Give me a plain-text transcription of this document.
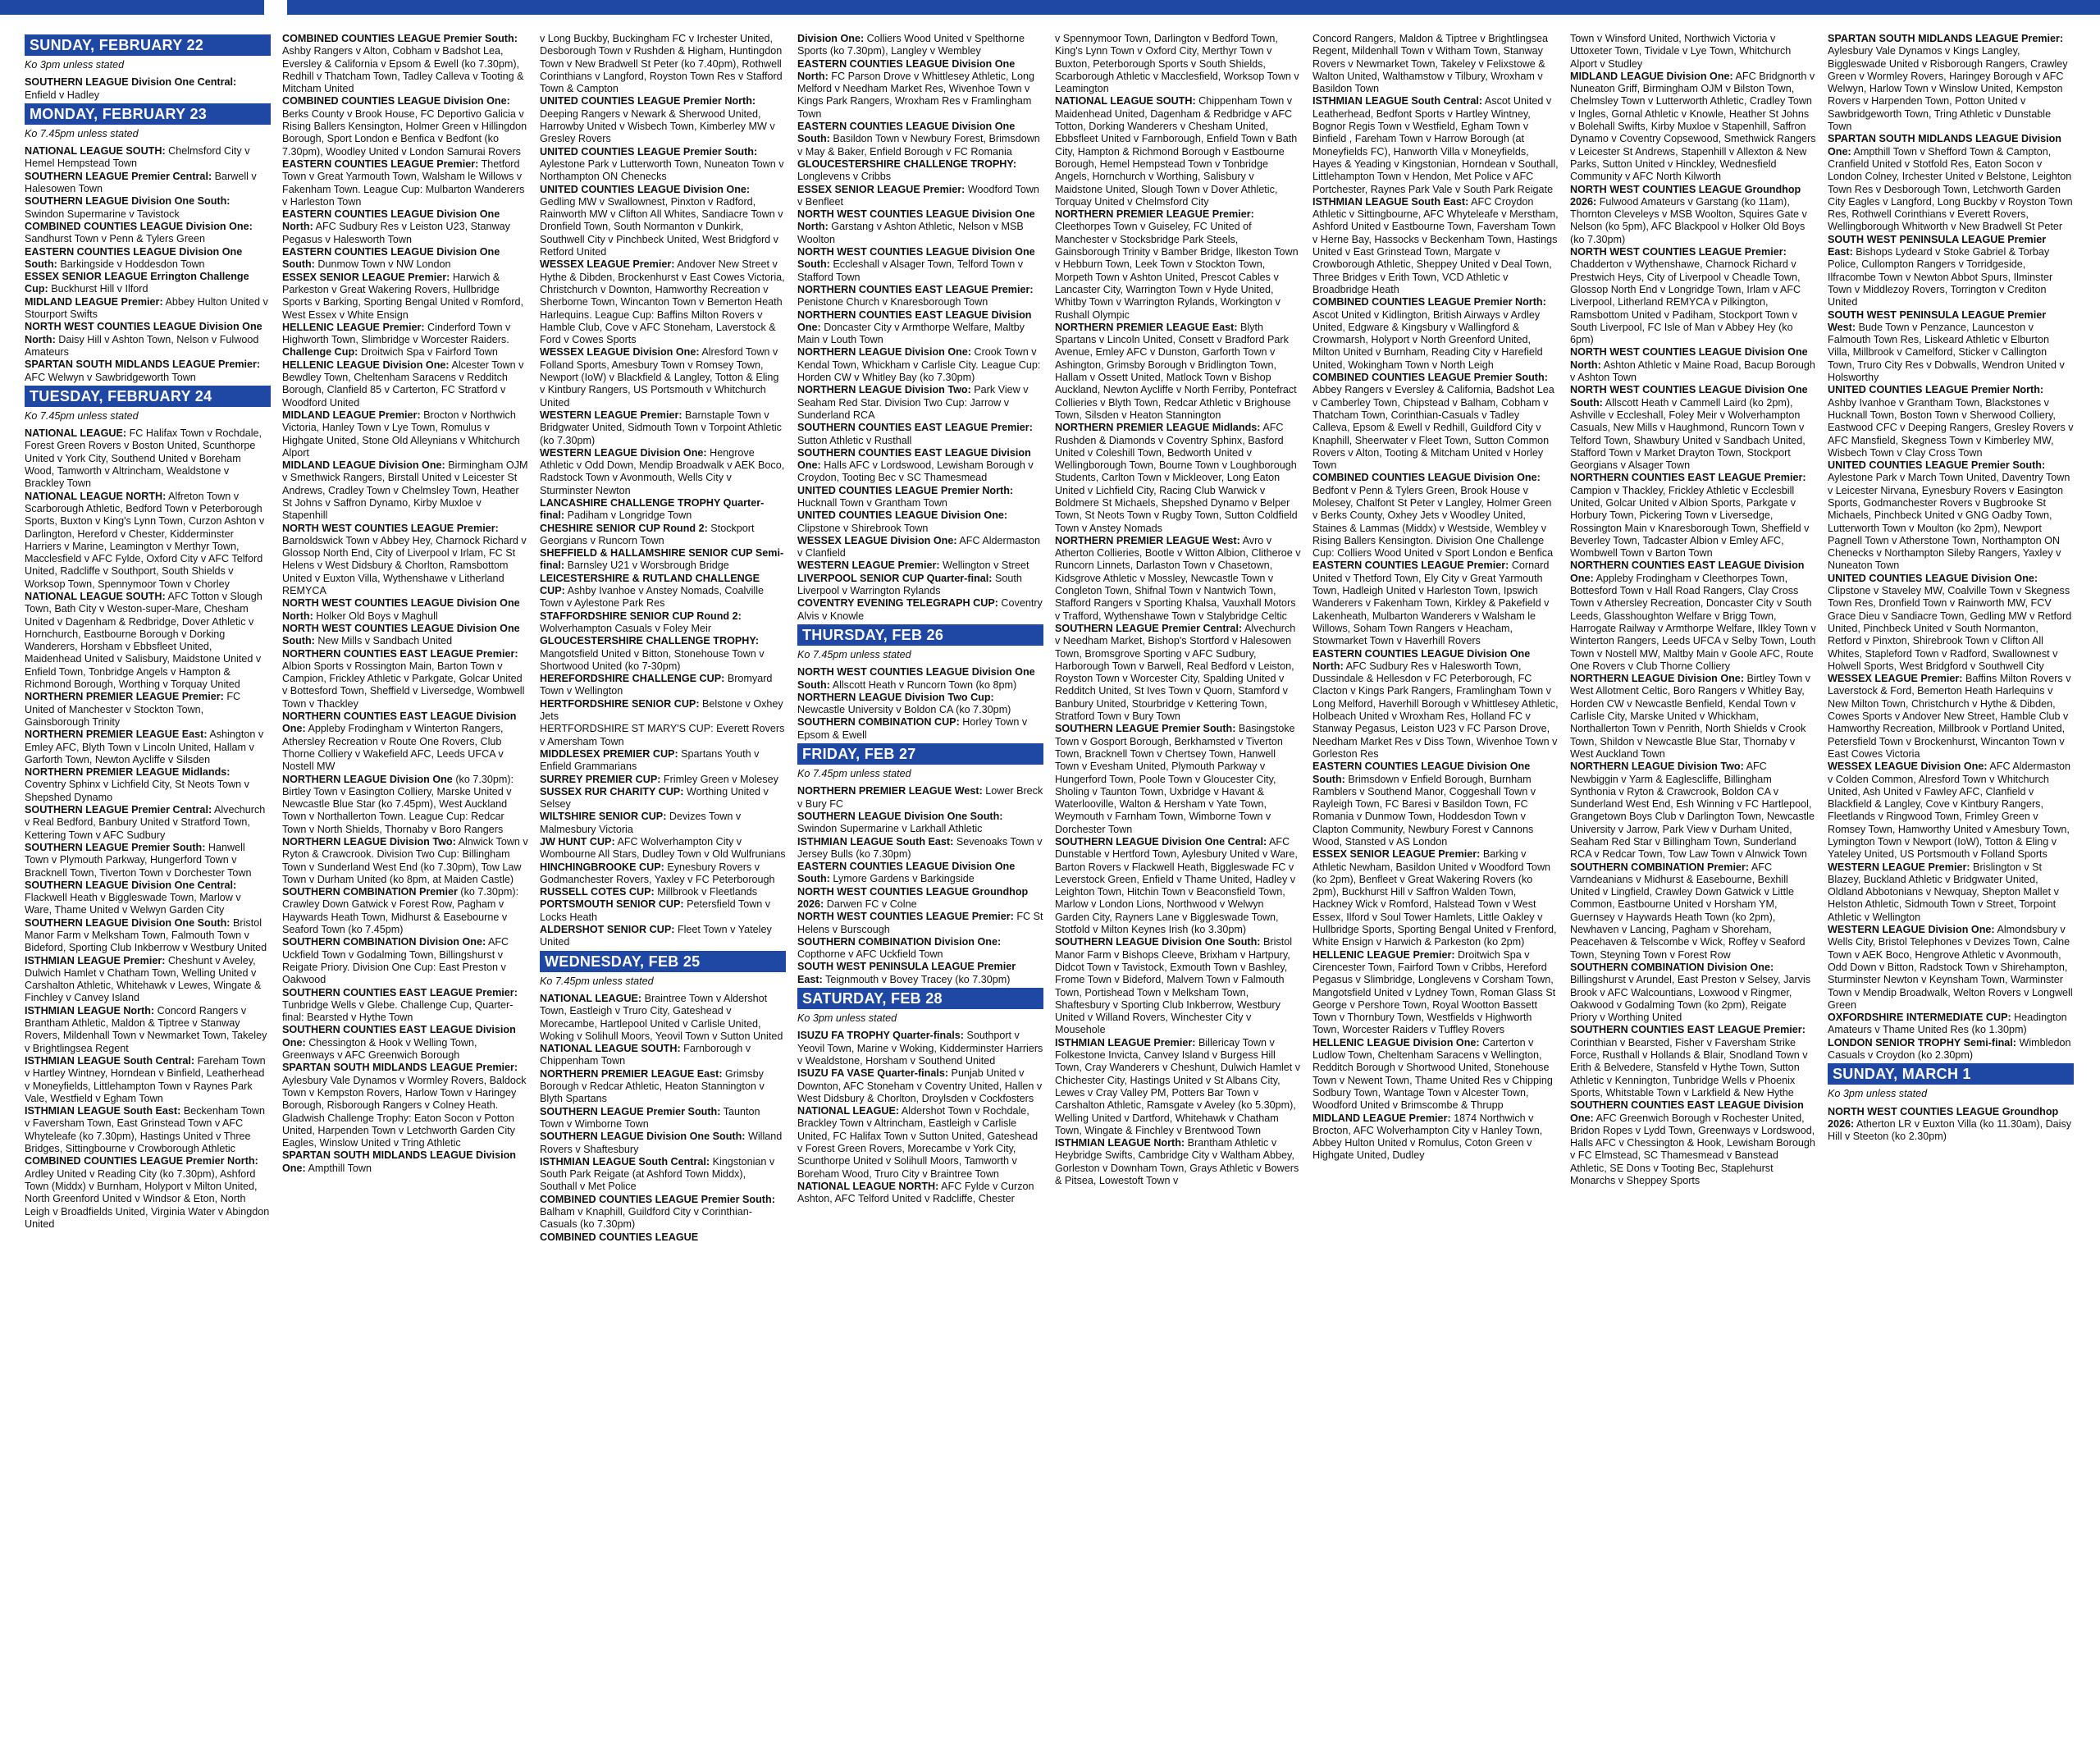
SUNDAY, FEBRUARY 22
Ko 3pm unless stated

SOUTHERN LEAGUE Division One Central: Enfield v Hadley

MONDAY, FEBRUARY 23
Ko 7.45pm unless stated

NATIONAL LEAGUE SOUTH: Chelmsford City v Hemel Hempstead Town

SOUTHERN LEAGUE Premier Central: Barwell v Halesowen Town

SOUTHERN LEAGUE Division One South: Swindon Supermarine v Tavistock

COMBINED COUNTIES LEAGUE Division One: Sandhurst Town v Penn & Tylers Green

EASTERN COUNTIES LEAGUE Division One South: Barkingside v Hoddesdon Town

ESSEX SENIOR LEAGUE Errington Challenge Cup: Buckhurst Hill v Ilford

MIDLAND LEAGUE Premier: Abbey Hulton United v Stourport Swifts

NORTH WEST COUNTIES LEAGUE Division One North: Daisy Hill v Ashton Town, Nelson v Fulwood Amateurs

SPARTAN SOUTH MIDLANDS LEAGUE Premier: AFC Welwyn v Sawbridgeworth Town

TUESDAY, FEBRUARY 24
Ko 7.45pm unless stated

NATIONAL LEAGUE: FC Halifax Town v Rochdale, Forest Green Rovers v Boston United, Scunthorpe United v York City, Southend United v Boreham Wood, Tamworth v Altrincham, Wealdstone v Brackley Town

NATIONAL LEAGUE NORTH: Alfreton Town v Scarborough Athletic, Bedford Town v Peterborough Sports, Buxton v King's Lynn Town, Curzon Ashton v Darlington, Hereford v Chester, Kidderminster Harriers v Marine, Leamington v Merthyr Town, Macclesfield v AFC Fylde, Oxford City v AFC Telford United, Radcliffe v Southport, South Shields v Worksop Town, Spennymoor Town v Chorley

NATIONAL LEAGUE SOUTH: AFC Totton v Slough Town, Bath City v Weston-super-Mare, Chesham United v Dagenham & Redbridge, Dover Athletic v Hornchurch, Eastbourne Borough v Dorking Wanderers, Horsham v Ebbsfleet United, Maidenhead United v Salisbury, Maidstone United v Enfield Town, Tonbridge Angels v Hampton & Richmond Borough, Worthing v Torquay United

NORTHERN PREMIER LEAGUE Premier: FC United of Manchester v Stockton Town, Gainsborough Trinity

NORTHERN PREMIER LEAGUE East: Ashington v Emley AFC, Blyth Town v Lincoln United, Hallam v Garforth Town, Newton Aycliffe v Silsden

NORTHERN PREMIER LEAGUE Midlands: Coventry Sphinx v Lichfield City, St Neots Town v Shepshed Dynamo

SOUTHERN LEAGUE Premier Central: Alvechurch v Real Bedford, Banbury United v Stratford Town, Kettering Town v AFC Sudbury

SOUTHERN LEAGUE Premier South: Hanwell Town v Plymouth Parkway, Hungerford Town v Bracknell Town, Tiverton Town v Dorchester Town

SOUTHERN LEAGUE Division One Central: Flackwell Heath v Biggleswade Town, Marlow v Ware, Thame United v Welwyn Garden City

SOUTHERN LEAGUE Division One South: Bristol Manor Farm v Melksham Town, Falmouth Town v Bideford, Sporting Club Inkberrow v Westbury United

ISTHMIAN LEAGUE Premier: Cheshunt v Aveley, Dulwich Hamlet v Chatham Town, Welling United v Carshalton Athletic, Whitehawk v Lewes, Wingate & Finchley v Canvey Island

ISTHMIAN LEAGUE North: Concord Rangers v Brantham Athletic, Maldon & Tiptree v Stanway Rovers, Mildenhall Town v Newmarket Town, Takeley v Brightlingsea Regent

ISTHMIAN LEAGUE South Central: Fareham Town v Hartley Wintney, Horndean v Binfield, Leatherhead v Moneyfields, Littlehampton Town v Raynes Park Vale, Westfield v Egham Town

ISTHMIAN LEAGUE South East: Beckenham Town v Faversham Town, East Grinstead Town v AFC Whyteleafe (ko 7.30pm), Hastings United v Three Bridges, Sittingbourne v Crowborough Athletic

COMBINED COUNTIES LEAGUE Premier North: Ardley United v Reading City (ko 7.30pm), Ashford Town (Middx) v Burnham, Holyport v Milton United, North Greenford United v Windsor & Eton, North Leigh v Broadfields United, Virginia Water v Abingdon United

COMBINED COUNTIES LEAGUE Premier South: Ashby Rangers v Alton, Cobham v Badshot Lea, Eversley & California v Epsom & Ewell (ko 7.30pm), Redhill v Thatcham Town, Tadley Calleva v Tooting & Mitcham United

COMBINED COUNTIES LEAGUE Division One: Berks County v Brook House, FC Deportivo Galicia v Rising Ballers Kensington, Holmer Green v Hillingdon Borough, Sport London e Benfica v Bedfont (ko 7.30pm), Woodley United v London Samurai Rovers

EASTERN COUNTIES LEAGUE Premier: Thetford Town v Great Yarmouth Town, Walsham le Willows v Fakenham Town. League Cup: Mulbarton Wanderers v Harleston Town

EASTERN COUNTIES LEAGUE Division One North: AFC Sudbury Res v Leiston U23, Stanway Pegasus v Halesworth Town

EASTERN COUNTIES LEAGUE Division One South: Dunmow Town v NW London

ESSEX SENIOR LEAGUE Premier: Harwich & Parkeston v Great Wakering Rovers, Hullbridge Sports v Barking, Sporting Bengal United v Romford, West Essex v White Ensign

HELLENIC LEAGUE Premier: Cinderford Town v Highworth Town, Slimbridge v Worcester Raiders.

Challenge Cup: Droitwich Spa v Fairford Town

HELLENIC LEAGUE Division One: Alcester Town v Bewdley Town, Cheltenham Saracens v Redditch Borough, Clanfield 85 v Carterton, FC Stratford v Woodford United

MIDLAND LEAGUE Premier: Brocton v Northwich Victoria, Hanley Town v Lye Town, Romulus v Highgate United, Stone Old Alleynians v Whitchurch Alport

MIDLAND LEAGUE Division One: Birmingham OJM v Smethwick Rangers, Birstall United v Leicester St Andrews, Cradley Town v Chelmsley Town, Heather St Johns v Saffron Dynamo, Kirby Muxloe v Stapenhill

NORTH WEST COUNTIES LEAGUE Premier: Barnoldswick Town v Abbey Hey, Charnock Richard v Glossop North End, City of Liverpool v Irlam, FC St Helens v West Didsbury & Chorlton, Ramsbottom United v Euxton Villa, Wythenshawe v Litherland REMYCA

NORTH WEST COUNTIES LEAGUE Division One North: Holker Old Boys v Maghull

NORTH WEST COUNTIES LEAGUE Division One South: New Mills v Sandbach United

NORTHERN COUNTIES EAST LEAGUE Premier: Albion Sports v Rossington Main, Barton Town v Campion, Frickley Athletic v Parkgate, Golcar United v Bottesford Town, Sheffield v Liversedge, Wombwell Town v Thackley

NORTHERN COUNTIES EAST LEAGUE Division One: Appleby Frodingham v Winterton Rangers, Athersley Recreation v Route One Rovers, Club Thorne Colliery v Wakefield AFC, Leeds UFCA v Nostell MW

NORTHERN LEAGUE Division One (ko 7.30pm): Birtley Town v Easington Colliery, Marske United v Newcastle Blue Star (ko 7.45pm), West Auckland Town v Northallerton Town. League Cup: Redcar Town v North Shields, Thornaby v Boro Rangers

NORTHERN LEAGUE Division Two: Alnwick Town v Ryton & Crawcrook. Division Two Cup: Billingham Town v Sunderland West End (ko 7.30pm), Tow Law Town v Durham United (ko 8pm, at Maiden Castle)

SOUTHERN COMBINATION Premier (ko 7.30pm): Crawley Down Gatwick v Forest Row, Pagham v Haywards Heath Town, Midhurst & Easebourne v Seaford Town (ko 7.45pm)

SOUTHERN COMBINATION Division One: AFC Uckfield Town v Godalming Town, Billingshurst v Reigate Priory. Division One Cup: East Preston v Oakwood

SOUTHERN COUNTIES EAST LEAGUE Premier: Tunbridge Wells v Glebe. Challenge Cup, Quarter-final: Bearsted v Hythe Town

SOUTHERN COUNTIES EAST LEAGUE Division One: Chessington & Hook v Welling Town, Greenways v AFC Greenwich Borough

SPARTAN SOUTH MIDLANDS LEAGUE Premier: Aylesbury Vale Dynamos v Wormley Rovers, Baldock Town v Kempston Rovers, Harlow Town v Haringey Borough, Risborough Rangers v Colney Heath. Gladwish Challenge Trophy: Eaton Socon v Potton United, Harpenden Town v Letchworth Garden City Eagles, Winslow United v Tring Athletic

SPARTAN SOUTH MIDLANDS LEAGUE Division One: Ampthill Town

v Long Buckby, Buckingham FC v Irchester United, Desborough Town v Rushden & Higham, Huntingdon Town v New Bradwell St Peter (ko 7.40pm), Rothwell Corinthians v Langford, Royston Town Res v Stafford Town & Campton

UNITED COUNTIES LEAGUE Premier North: Deeping Rangers v Newark & Sherwood United, Harrowby United v Wisbech Town, Kimberley MW v Gresley Rovers

UNITED COUNTIES LEAGUE Premier South: Aylestone Park v Lutterworth Town, Nuneaton Town v Northampton ON Chenecks

UNITED COUNTIES LEAGUE Division One: Gedling MW v Swallownest, Pinxton v Radford, Rainworth MW v Clifton All Whites, Sandiacre Town v Dronfield Town, South Normanton v Dunkirk, Southwell City v Pinchbeck United, West Bridgford v Retford United

WESSEX LEAGUE Premier: Andover New Street v Hythe & Dibden, Brockenhurst v East Cowes Victoria, Christchurch v Downton, Hamworthy Recreation v Sherborne Town, Wincanton Town v Bemerton Heath Harlequins. League Cup: Baffins Milton Rovers v Hamble Club, Cove v AFC Stoneham, Laverstock & Ford v Cowes Sports

WESSEX LEAGUE Division One: Alresford Town v Folland Sports, Amesbury Town v Romsey Town, Newport (IoW) v Blackfield & Langley, Totton & Eling v Kintbury Rangers, US Portsmouth v Whitchurch United

WESTERN LEAGUE Premier: Barnstaple Town v Bridgwater United, Sidmouth Town v Torpoint Athletic (ko 7.30pm)

WESTERN LEAGUE Division One: Hengrove Athletic v Odd Down, Mendip Broadwalk v AEK Boco, Radstock Town v Avonmouth, Wells City v Sturminster Newton

LANCASHIRE CHALLENGE TROPHY Quarter-final: Padiham v Longridge Town

CHESHIRE SENIOR CUP Round 2: Stockport Georgians v Runcorn Town

SHEFFIELD & HALLAMSHIRE SENIOR CUP Semi-final: Barnsley U21 v Worsbrough Bridge

LEICESTERSHIRE & RUTLAND CHALLENGE CUP: Ashby Ivanhoe v Anstey Nomads, Coalville Town v Aylestone Park Res

STAFFORDSHIRE SENIOR CUP Round 2: Wolverhampton Casuals v Foley Meir

GLOUCESTERSHIRE CHALLENGE TROPHY: Mangotsfield United v Bitton, Stonehouse Town v Shortwood United (ko 7-30pm)

HEREFORDSHIRE CHALLENGE CUP: Bromyard Town v Wellington

HERTFORDSHIRE SENIOR CUP: Belstone v Oxhey Jets

HERTFORDSHIRE ST MARY'S CUP: Everett Rovers v Amersham Town

MIDDLESEX PREMIER CUP: Spartans Youth v Enfield Grammarians

SURREY PREMIER CUP: Frimley Green v Molesey

SUSSEX RUR CHARITY CUP: Worthing United v Selsey

WILTSHIRE SENIOR CUP: Devizes Town v Malmesbury Victoria

JW HUNT CUP: AFC Wolverhampton City v Wombourne All Stars, Dudley Town v Old Wulfrunians

HINCHINGBROOKE CUP: Eynesbury Rovers v Godmanchester Rovers, Yaxley v FC Peterborough

RUSSELL COTES CUP: Millbrook v Fleetlands

PORTSMOUTH SENIOR CUP: Petersfield Town v Locks Heath

ALDERSHOT SENIOR CUP: Fleet Town v Yateley United

WEDNESDAY, FEB 25
Ko 7.45pm unless stated

NATIONAL LEAGUE: Braintree Town v Aldershot Town, Eastleigh v Truro City, Gateshead v Morecambe, Hartlepool United v Carlisle United, Woking v Solihull Moors, Yeovil Town v Sutton United

NATIONAL LEAGUE SOUTH: Farnborough v Chippenham Town

NORTHERN PREMIER LEAGUE East: Grimsby Borough v Redcar Athletic, Heaton Stannington v Blyth Spartans

SOUTHERN LEAGUE Premier South: Taunton Town v Wimborne Town

SOUTHERN LEAGUE Division One South: Willand Rovers v Shaftesbury

ISTHMIAN LEAGUE South Central: Kingstonian v South Park Reigate (at Ashford Town Middx), Southall v Met Police

COMBINED COUNTIES LEAGUE Premier South: Balham v Knaphill, Guildford City v Corinthian-Casuals (ko 7.30pm)

COMBINED COUNTIES LEAGUE

Division One: Colliers Wood United v Spelthorne Sports (ko 7.30pm), Langley v Wembley

EASTERN COUNTIES LEAGUE Division One North: FC Parson Drove v Whittlesey Athletic, Long Melford v Needham Market Res, Wivenhoe Town v Kings Park Rangers, Wroxham Res v Framlingham Town

EASTERN COUNTIES LEAGUE Division One South: Basildon Town v Newbury Forest, Brimsdown v May & Baker, Enfield Borough v FC Romania

GLOUCESTERSHIRE CHALLENGE TROPHY: Longlevens v Cribbs

ESSEX SENIOR LEAGUE Premier: Woodford Town v Benfleet

NORTH WEST COUNTIES LEAGUE Division One North: Garstang v Ashton Athletic, Nelson v MSB Woolton

NORTH WEST COUNTIES LEAGUE Division One South: Eccleshall v Alsager Town, Telford Town v Stafford Town

NORTHERN COUNTIES EAST LEAGUE Premier: Penistone Church v Knaresborough Town

NORTHERN COUNTIES EAST LEAGUE Division One: Doncaster City v Armthorpe Welfare, Maltby Main v Louth Town

NORTHERN LEAGUE Division One: Crook Town v Kendal Town, Whickham v Carlisle City. League Cup: Horden CW v Whitley Bay (ko 7.30pm)

NORTHERN LEAGUE Division Two: Park View v Seaham Red Star. Division Two Cup: Jarrow v Sunderland RCA

SOUTHERN COUNTIES EAST LEAGUE Premier: Sutton Athletic v Rusthall

SOUTHERN COUNTIES EAST LEAGUE Division One: Halls AFC v Lordswood, Lewisham Borough v Croydon, Tooting Bec v SC Thamesmead

UNITED COUNTIES LEAGUE Premier North: Hucknall Town v Grantham Town

UNITED COUNTIES LEAGUE Division One: Clipstone v Shirebrook Town

WESSEX LEAGUE Division One: AFC Aldermaston v Clanfield

WESTERN LEAGUE Premier: Wellington v Street

LIVERPOOL SENIOR CUP Quarter-final: South Liverpool v Warrington Rylands

COVENTRY EVENING TELEGRAPH CUP: Coventry Alvis v Knowle

THURSDAY, FEB 26
Ko 7.45pm unless stated

NORTH WEST COUNTIES LEAGUE Division One South: Allscott Heath v Runcorn Town (ko 8pm)

NORTHERN LEAGUE Division Two Cup: Newcastle University v Boldon CA (ko 7.30pm)

SOUTHERN COMBINATION CUP: Horley Town v Epsom & Ewell

FRIDAY, FEB 27
Ko 7.45pm unless stated

NORTHERN PREMIER LEAGUE West: Lower Breck v Bury FC

SOUTHERN LEAGUE Division One South: Swindon Supermarine v Larkhall Athletic

ISTHMIAN LEAGUE South East: Sevenoaks Town v Jersey Bulls (ko 7.30pm)

EASTERN COUNTIES LEAGUE Division One South: Lymore Gardens v Barkingside

NORTH WEST COUNTIES LEAGUE Groundhop 2026: Darwen FC v Colne

NORTH WEST COUNTIES LEAGUE Premier: FC St Helens v Burscough

SOUTHERN COMBINATION Division One: Copthorne v AFC Uckfield Town

SOUTH WEST PENINSULA LEAGUE Premier East: Teignmouth v Bovey Tracey (ko 7.30pm)

SATURDAY, FEB 28
Ko 3pm unless stated

ISUZU FA TROPHY Quarter-finals: Southport v Yeovil Town, Marine v Woking, Kidderminster Harriers v Wealdstone, Horsham v Southend United

ISUZU FA VASE Quarter-finals: Punjab United v Downton, AFC Stoneham v Coventry United, Hallen v West Didsbury & Chorlton, Droylsden v Cockfosters

NATIONAL LEAGUE: Aldershot Town v Rochdale, Brackley Town v Altrincham, Eastleigh v Carlisle United, FC Halifax Town v Sutton United, Gateshead v Forest Green Rovers, Morecambe v York City, Scunthorpe United v Solihull Moors, Tamworth v Boreham Wood, Truro City v Braintree Town

NATIONAL LEAGUE NORTH: AFC Fylde v Curzon Ashton, AFC Telford United v Radcliffe, Chester

v Spennymoor Town, Darlington v Bedford Town, King's Lynn Town v Oxford City, Merthyr Town v Buxton, Peterborough Sports v South Shields, Scarborough Athletic v Macclesfield, Worksop Town v Leamington

NATIONAL LEAGUE SOUTH: Chippenham Town v Maidenhead United, Dagenham & Redbridge v AFC Totton, Dorking Wanderers v Chesham United, Ebbsfleet United v Farnborough, Enfield Town v Bath City, Hampton & Richmond Borough v Eastbourne Borough, Hemel Hempstead Town v Tonbridge Angels, Hornchurch v Worthing, Salisbury v Maidstone United, Slough Town v Dover Athletic, Torquay United v Chelmsford City

NORTHERN PREMIER LEAGUE Premier: Cleethorpes Town v Guiseley, FC United of Manchester v Stocksbridge Park Steels, Gainsborough Trinity v Bamber Bridge, Ilkeston Town v Hebburn Town, Leek Town v Stockton Town, Morpeth Town v Ashton United, Prescot Cables v Lancaster City, Warrington Town v Hyde United, Whitby Town v Warrington Rylands, Workington v Rushall Olympic

NORTHERN PREMIER LEAGUE East: Blyth Spartans v Lincoln United, Consett v Bradford Park Avenue, Emley AFC v Dunston, Garforth Town v Ashington, Grimsby Borough v Bridlington Town, Hallam v Ossett United, Matlock Town v Bishop Auckland, Newton Aycliffe v North Ferriby, Pontefract Collieries v Blyth Town, Redcar Athletic v Brighouse Town, Silsden v Heaton Stannington

NORTHERN PREMIER LEAGUE Midlands: AFC Rushden & Diamonds v Coventry Sphinx, Basford United v Coleshill Town, Bedworth United v Wellingborough Town, Bourne Town v Loughborough Students, Carlton Town v Mickleover, Long Eaton United v Lichfield City, Racing Club Warwick v Boldmere St Michaels, Shepshed Dynamo v Belper Town, St Neots Town v Rugby Town, Sutton Coldfield Town v Anstey Nomads

NORTHERN PREMIER LEAGUE West: Avro v Atherton Collieries, Bootle v Witton Albion, Clitheroe v Runcorn Linnets, Darlaston Town v Chasetown, Kidsgrove Athletic v Mossley, Newcastle Town v Congleton Town, Shifnal Town v Nantwich Town, Stafford Rangers v Sporting Khalsa, Vauxhall Motors v Trafford, Wythenshawe Town v Stalybridge Celtic

SOUTHERN LEAGUE Premier Central: Alvechurch v Needham Market, Bishop's Stortford v Halesowen Town, Bromsgrove Sporting v AFC Sudbury, Harborough Town v Barwell, Real Bedford v Leiston, Royston Town v Worcester City, Spalding United v Redditch United, St Ives Town v Quorn, Stamford v Banbury United, Stourbridge v Kettering Town, Stratford Town v Bury Town

SOUTHERN LEAGUE Premier South: Basingstoke Town v Gosport Borough, Berkhamsted v Tiverton Town, Bracknell Town v Chertsey Town, Hanwell Town v Evesham United, Plymouth Parkway v Hungerford Town, Poole Town v Gloucester City, Sholing v Taunton Town, Uxbridge v Havant & Waterlooville, Walton & Hersham v Yate Town, Weymouth v Farnham Town, Wimborne Town v Dorchester Town

SOUTHERN LEAGUE Division One Central: AFC Dunstable v Hertford Town, Aylesbury United v Ware, Barton Rovers v Flackwell Heath, Biggleswade FC v Leverstock Green, Enfield v Thame United, Hadley v Leighton Town, Hitchin Town v Beaconsfield Town, Marlow v London Lions, Northwood v Welwyn Garden City, Rayners Lane v Biggleswade Town, Stotfold v Milton Keynes Irish (ko 3.30pm)

SOUTHERN LEAGUE Division One South: Bristol Manor Farm v Bishops Cleeve, Brixham v Hartpury, Didcot Town v Tavistock, Exmouth Town v Bashley, Frome Town v Bideford, Malvern Town v Falmouth Town, Portishead Town v Melksham Town, Shaftesbury v Sporting Club Inkberrow, Westbury United v Willand Rovers, Winchester City v Mousehole

ISTHMIAN LEAGUE Premier: Billericay Town v Folkestone Invicta, Canvey Island v Burgess Hill Town, Cray Wanderers v Cheshunt, Dulwich Hamlet v Chichester City, Hastings United v St Albans City, Lewes v Cray Valley PM, Potters Bar Town v Carshalton Athletic, Ramsgate v Aveley (ko 5.30pm), Welling United v Dartford, Whitehawk v Chatham Town, Wingate & Finchley v Brentwood Town

ISTHMIAN LEAGUE North: Brantham Athletic v Heybridge Swifts, Cambridge City v Waltham Abbey, Gorleston v Downham Town, Grays Athletic v Bowers & Pitsea, Lowestoft Town v

Concord Rangers, Maldon & Tiptree v Brightlingsea Regent, Mildenhall Town v Witham Town, Stanway Rovers v Newmarket Town, Takeley v Felixstowe & Walton United, Walthamstow v Tilbury, Wroxham v Basildon Town

ISTHMIAN LEAGUE South Central: Ascot United v Leatherhead, Bedfont Sports v Hartley Wintney, Bognor Regis Town v Westfield, Egham Town v Binfield , Fareham Town v Harrow Borough (at Moneyfields FC), Hanworth Villa v Moneyfields, Hayes & Yeading v Kingstonian, Horndean v Southall, Littlehampton Town v Hendon, Met Police v AFC Portchester, Raynes Park Vale v South Park Reigate

ISTHMIAN LEAGUE South East: AFC Croydon Athletic v Sittingbourne, AFC Whyteleafe v Merstham, Ashford United v Eastbourne Town, Faversham Town v Herne Bay, Hassocks v Beckenham Town, Hastings United v East Grinstead Town, Margate v Crowborough Athletic, Sheppey United v Deal Town, Three Bridges v Erith Town, VCD Athletic v Broadbridge Heath

COMBINED COUNTIES LEAGUE Premier North: Ascot United v Kidlington, British Airways v Ardley United, Edgware & Kingsbury v Wallingford & Crowmarsh, Holyport v North Greenford United, Milton United v Burnham, Reading City v Harefield United, Wokingham Town v North Leigh

COMBINED COUNTIES LEAGUE Premier South: Abbey Rangers v Eversley & California, Badshot Lea v Camberley Town, Chipstead v Balham, Cobham v Thatcham Town, Corinthian-Casuals v Tadley Calleva, Epsom & Ewell v Redhill, Guildford City v Knaphill, Sheerwater v Fleet Town, Sutton Common Rovers v Alton, Tooting & Mitcham United v Horley Town

COMBINED COUNTIES LEAGUE Division One: Bedfont v Penn & Tylers Green, Brook House v Molesey, Chalfont St Peter v Langley, Holmer Green v Berks County, Oxhey Jets v Woodley United, Staines & Lammas (Middx) v Westside, Wembley v Rising Ballers Kensington. Division One Challenge Cup: Colliers Wood United v Sport London e Benfica

EASTERN COUNTIES LEAGUE Premier: Cornard United v Thetford Town, Ely City v Great Yarmouth Town, Hadleigh United v Harleston Town, Ipswich Wanderers v Fakenham Town, Kirkley & Pakefield v Lakenheath, Mulbarton Wanderers v Walsham le Willows, Soham Town Rangers v Heacham, Stowmarket Town v Haverhill Rovers

EASTERN COUNTIES LEAGUE Division One North: AFC Sudbury Res v Halesworth Town, Dussindale & Hellesdon v FC Peterborough, FC Clacton v Kings Park Rangers, Framlingham Town v Long Melford, Haverhill Borough v Whittlesey Athletic, Holbeach United v Wroxham Res, Holland FC v Stanway Pegasus, Leiston U23 v FC Parson Drove, Needham Market Res v Diss Town, Wivenhoe Town v Gorleston Res

EASTERN COUNTIES LEAGUE Division One South: Brimsdown v Enfield Borough, Burnham Ramblers v Southend Manor, Coggeshall Town v Rayleigh Town, FC Baresi v Basildon Town, FC Romania v Dunmow Town, Hoddesdon Town v Clapton Community, Newbury Forest v Cannons Wood, Stansted v AS London

ESSEX SENIOR LEAGUE Premier: Barking v Athletic Newham, Basildon United v Woodford Town (ko 2pm), Benfleet v Great Wakering Rovers (ko 2pm), Buckhurst Hill v Saffron Walden Town, Hackney Wick v Romford, Halstead Town v West Essex, Ilford v Soul Tower Hamlets, Little Oakley v Hullbridge Sports, Sporting Bengal United v Frenford, White Ensign v Harwich & Parkeston (ko 2pm)

HELLENIC LEAGUE Premier: Droitwich Spa v Cirencester Town, Fairford Town v Cribbs, Hereford Pegasus v Slimbridge, Longlevens v Corsham Town, Mangotsfield United v Lydney Town, Roman Glass St George v Pershore Town, Royal Wootton Bassett Town v Thornbury Town, Westfields v Highworth Town, Worcester Raiders v Tuffley Rovers

HELLENIC LEAGUE Division One: Carterton v Ludlow Town, Cheltenham Saracens v Wellington, Redditch Borough v Shortwood United, Stonehouse Town v Newent Town, Thame United Res v Chipping Sodbury Town, Wantage Town v Alcester Town, Woodford United v Brimscombe & Thrupp

MIDLAND LEAGUE Premier: 1874 Northwich v Brocton, AFC Wolverhampton City v Hanley Town, Abbey Hulton United v Romulus, Coton Green v Highgate United, Dudley

Town v Winsford United, Northwich Victoria v Uttoxeter Town, Tividale v Lye Town, Whitchurch Alport v Studley

MIDLAND LEAGUE Division One: AFC Bridgnorth v Nuneaton Griff, Birmingham OJM v Bilston Town, Chelmsley Town v Lutterworth Athletic, Cradley Town v Ingles, Gornal Athletic v Knowle, Heather St Johns v Bolehall Swifts, Kirby Muxloe v Stapenhill, Saffron Dynamo v Coventry Copsewood, Smethwick Rangers v Leicester St Andrews, Stapenhill v Allexton & New Parks, Sutton United v Hinckley, Wednesfield Community v AFC North Kilworth

NORTH WEST COUNTIES LEAGUE Groundhop 2026: Fulwood Amateurs v Garstang (ko 11am), Thornton Cleveleys v MSB Woolton, Squires Gate v Nelson (ko 5pm), AFC Blackpool v Holker Old Boys (ko 7.30pm)

NORTH WEST COUNTIES LEAGUE Premier: Chadderton v Wythenshawe, Charnock Richard v Prestwich Heys, City of Liverpool v Cheadle Town, Glossop North End v Longridge Town, Irlam v AFC Liverpool, Litherland REMYCA v Pilkington, Ramsbottom United v Padiham, Stockport Town v South Liverpool, FC Isle of Man v Abbey Hey (ko 6pm)

NORTH WEST COUNTIES LEAGUE Division One North: Ashton Athletic v Maine Road, Bacup Borough v Ashton Town

NORTH WEST COUNTIES LEAGUE Division One South: Allscott Heath v Cammell Laird (ko 2pm), Ashville v Eccleshall, Foley Meir v Wolverhampton Casuals, New Mills v Haughmond, Runcorn Town v Telford Town, Shawbury United v Sandbach United, Stafford Town v Market Drayton Town, Stockport Georgians v Alsager Town

NORTHERN COUNTIES EAST LEAGUE Premier: Campion v Thackley, Frickley Athletic v Ecclesbill United, Golcar United v Albion Sports, Parkgate v Horbury Town, Pickering Town v Liversedge, Rossington Main v Knaresborough Town, Sheffield v Beverley Town, Tadcaster Albion v Emley AFC, Wombwell Town v Barton Town

NORTHERN COUNTIES EAST LEAGUE Division One: Appleby Frodingham v Cleethorpes Town, Bottesford Town v Hall Road Rangers, Clay Cross Town v Athersley Recreation, Doncaster City v South Leeds, Glasshoughton Welfare v Brigg Town, Harrogate Railway v Armthorpe Welfare, Ilkley Town v Winterton Rangers, Leeds UFCA v Selby Town, Louth Town v Nostell MW, Maltby Main v Goole AFC, Route One Rovers v Club Thorne Colliery

NORTHERN LEAGUE Division One: Birtley Town v West Allotment Celtic, Boro Rangers v Whitley Bay, Horden CW v Newcastle Benfield, Kendal Town v Carlisle City, Marske United v Whickham, Northallerton Town v Penrith, North Shields v Crook Town, Shildon v Newcastle Blue Star, Thornaby v West Auckland Town

NORTHERN LEAGUE Division Two: AFC Newbiggin v Yarm & Eaglescliffe, Billingham Synthonia v Ryton & Crawcrook, Boldon CA v Sunderland West End, Esh Winning v FC Hartlepool, Grangetown Boys Club v Darlington Town, Newcastle University v Jarrow, Park View v Durham United, Seaham Red Star v Billingham Town, Sunderland RCA v Redcar Town, Tow Law Town v Alnwick Town

SOUTHERN COMBINATION Premier: AFC Varndeanians v Midhurst & Easebourne, Bexhill United v Lingfield, Crawley Down Gatwick v Little Common, Eastbourne United v Horsham YM, Guernsey v Haywards Heath Town (ko 2pm), Newhaven v Lancing, Pagham v Shoreham, Peacehaven & Telscombe v Wick, Roffey v Seaford Town, Steyning Town v Forest Row

SOUTHERN COMBINATION Division One: Billingshurst v Arundel, East Preston v Selsey, Jarvis Brook v AFC Walcountians, Loxwood v Ringmer, Oakwood v Godalming Town (ko 2pm), Reigate Priory v Worthing United

SOUTHERN COUNTIES EAST LEAGUE Premier: Corinthian v Bearsted, Fisher v Faversham Strike Force, Rusthall v Hollands & Blair, Snodland Town v Erith & Belvedere, Stansfeld v Hythe Town, Sutton Athletic v Kennington, Tunbridge Wells v Phoenix Sports, Whitstable Town v Larkfield & New Hythe

SOUTHERN COUNTIES EAST LEAGUE Division One: AFC Greenwich Borough v Rochester United, Bridon Ropes v Lydd Town, Greenways v Lordswood, Halls AFC v Chessington & Hook, Lewisham Borough v FC Elmstead, SC Thamesmead v Banstead Athletic, SE Dons v Tooting Bec, Staplehurst Monarchs v Sheppey Sports

SPARTAN SOUTH MIDLANDS LEAGUE Premier: Aylesbury Vale Dynamos v Kings Langley, Biggleswade United v Risborough Rangers, Crawley Green v Wormley Rovers, Haringey Borough v AFC Welwyn, Harlow Town v Winslow United, Kempston Rovers v Harpenden Town, Potton United v Sawbridgeworth Town, Tring Athletic v Dunstable Town

SPARTAN SOUTH MIDLANDS LEAGUE Division One: Ampthill Town v Shefford Town & Campton, Cranfield United v Stotfold Res, Eaton Socon v London Colney, Irchester United v Belstone, Leighton Town Res v Desborough Town, Letchworth Garden City Eagles v Langford, Long Buckby v Royston Town Res, Rothwell Corinthians v Everett Rovers, Wellingborough Whitworth v New Bradwell St Peter

SOUTH WEST PENINSULA LEAGUE Premier East: Bishops Lydeard v Stoke Gabriel & Torbay Police, Cullompton Rangers v Torridgeside, Ilfracombe Town v Newton Abbot Spurs, Ilminster Town v Middlezoy Rovers, Torrington v Crediton United

SOUTH WEST PENINSULA LEAGUE Premier West: Bude Town v Penzance, Launceston v Falmouth Town Res, Liskeard Athletic v Elburton Villa, Millbrook v Camelford, Sticker v Callington Town, Truro City Res v Dobwalls, Wendron United v Holsworthy

UNITED COUNTIES LEAGUE Premier North: Ashby Ivanhoe v Grantham Town, Blackstones v Hucknall Town, Boston Town v Sherwood Colliery, Eastwood CFC v Deeping Rangers, Gresley Rovers v AFC Mansfield, Skegness Town v Kimberley MW, Wisbech Town v Clay Cross Town

UNITED COUNTIES LEAGUE Premier South: Aylestone Park v March Town United, Daventry Town v Leicester Nirvana, Eynesbury Rovers v Easington Sports, Godmanchester Rovers v Bugbrooke St Michaels, Pinchbeck United v GNG Oadby Town, Lutterworth Town v Moulton (ko 2pm), Newport Pagnell Town v Atherstone Town, Northampton ON Chenecks v Northampton Sileby Rangers, Yaxley v Nuneaton Town

UNITED COUNTIES LEAGUE Division One: Clipstone v Staveley MW, Coalville Town v Skegness Town Res, Dronfield Town v Rainworth MW, FCV Grace Dieu v Sandiacre Town, Gedling MW v Retford United, Pinchbeck United v South Normanton, Retford v Pinxton, Shirebrook Town v Clifton All Whites, Stapleford Town v Radford, Swallownest v Holwell Sports, West Bridgford v Southwell City

WESSEX LEAGUE Premier: Baffins Milton Rovers v Laverstock & Ford, Bemerton Heath Harlequins v New Milton Town, Christchurch v Hythe & Dibden, Cowes Sports v Andover New Street, Hamble Club v Hamworthy Recreation, Millbrook v Portland United, Petersfield Town v Brockenhurst, Wincanton Town v East Cowes Victoria

WESSEX LEAGUE Division One: AFC Aldermaston v Colden Common, Alresford Town v Whitchurch United, Ash United v Fawley AFC, Clanfield v Blackfield & Langley, Cove v Kintbury Rangers, Fleetlands v Ringwood Town, Frimley Green v Romsey Town, Hamworthy United v Amesbury Town, Lymington Town v Newport (IoW), Totton & Eling v Yateley United, US Portsmouth v Folland Sports

WESTERN LEAGUE Premier: Brislington v St Blazey, Buckland Athletic v Bridgwater United, Oldland Abbotonians v Newquay, Shepton Mallet v Helston Athletic, Sidmouth Town v Street, Torpoint Athletic v Wellington

WESTERN LEAGUE Division One: Almondsbury v Wells City, Bristol Telephones v Devizes Town, Calne Town v AEK Boco, Hengrove Athletic v Avonmouth, Odd Down v Bitton, Radstock Town v Shirehampton, Sturminster Newton v Keynsham Town, Warminster Town v Mendip Broadwalk, Welton Rovers v Longwell Green

OXFORDSHIRE INTERMEDIATE CUP: Headington Amateurs v Thame United Res (ko 1.30pm)

LONDON SENIOR TROPHY Semi-final: Wimbledon Casuals v Croydon (ko 2.30pm)

SUNDAY, MARCH 1
Ko 3pm unless stated

NORTH WEST COUNTIES LEAGUE Groundhop 2026: Atherton LR v Euxton Villa (ko 11.30am), Daisy Hill v Steeton (ko 2.30pm)
